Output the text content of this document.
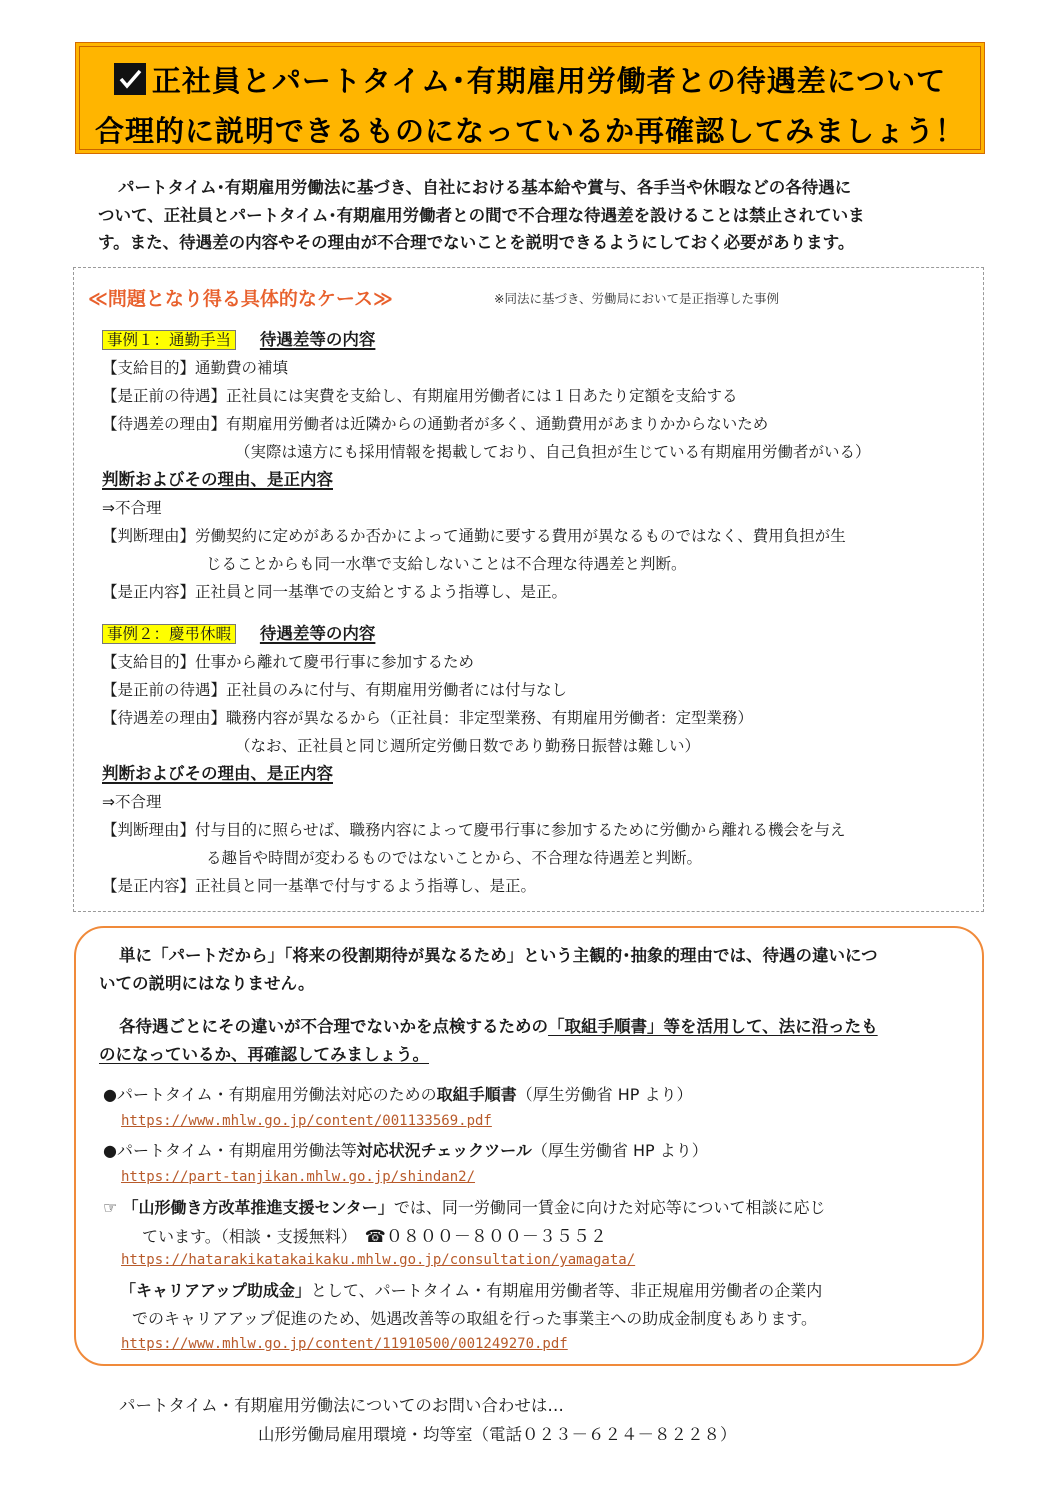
正社員とパートタイム･有期雇用労働者との待遇差について
合理的に説明できるものになっているか再確認してみましょう！

パートタイム･有期雇用労働法に基づき、自社における基本給や賞与、各手当や休暇などの各待遇に

ついて、正社員とパートタイム･有期雇用労働者との間で不合理な待遇差を設けることは禁止されていま

す。また、待遇差の内容やその理由が不合理でないことを説明できるようにしておく必要があります。

≪問題となり得る具体的なケース≫	※同法に基づき、労働局において是正指導した事例
事例１：通勤手当 待遇差等の内容
【支給目的】通勤費の補填
【是正前の待遇】正社員には実費を支給し、有期雇用労働者には１日あたり定額を支給する
【待遇差の理由】有期雇用労働者は近隣からの通勤者が多く、通勤費用があまりかからないため
（実際は遠方にも採用情報を掲載しており、自己負担が生じている有期雇用労働者がいる）
判断およびその理由、是正内容
⇒不合理
【判断理由】労働契約に定めがあるか否かによって通勤に要する費用が異なるものではなく、費用負担が生
じることからも同一水準で支給しないことは不合理な待遇差と判断。
【是正内容】正社員と同一基準での支給とするよう指導し、是正。
事例２：慶弔休暇 待遇差等の内容
【支給目的】仕事から離れて慶弔行事に参加するため
【是正前の待遇】正社員のみに付与、有期雇用労働者には付与なし
【待遇差の理由】職務内容が異なるから（正社員：非定型業務、有期雇用労働者：定型業務）
（なお、正社員と同じ週所定労働日数であり勤務日振替は難しい）
判断およびその理由、是正内容
⇒不合理
【判断理由】付与目的に照らせば、職務内容によって慶弔行事に参加するために労働から離れる機会を与え
る趣旨や時間が変わるものではないことから、不合理な待遇差と判断。
【是正内容】正社員と同一基準で付与するよう指導し、是正。
単に「パートだから」「将来の役割期待が異なるため」という主観的･抽象的理由では、待遇の違いにつ
いての説明にはなりません。
各待遇ごとにその違いが不合理でないかを点検するための「取組手順書」等を活用して、法に沿ったも
のになっているか、再確認してみましょう。
●パートタイム・有期雇用労働法対応のための取組手順書（厚生労働省 HP より）
https://www.mhlw.go.jp/content/001133569.pdf
●パートタイム・有期雇用労働法等対応状況チェックツール（厚生労働省 HP より）
https://part-tanjikan.mhlw.go.jp/shindan2/
☞ 「山形働き方改革推進支援センター」では、同一労働同一賃金に向けた対応等について相談に応じ
ています。（相談・支援無料）　☎０８００－８００－３５５２
https://hatarakikatakaikaku.mhlw.go.jp/consultation/yamagata/
「キャリアアップ助成金」として、パートタイム・有期雇用労働者等、非正規雇用労働者の企業内
でのキャリアアップ促進のため、処遇改善等の取組を行った事業主への助成金制度もあります。
https://www.mhlw.go.jp/content/11910500/001249270.pdf
パートタイム・有期雇用労働法についてのお問い合わせは…
山形労働局雇用環境・均等室（電話０２３－６２４－８２２８）
